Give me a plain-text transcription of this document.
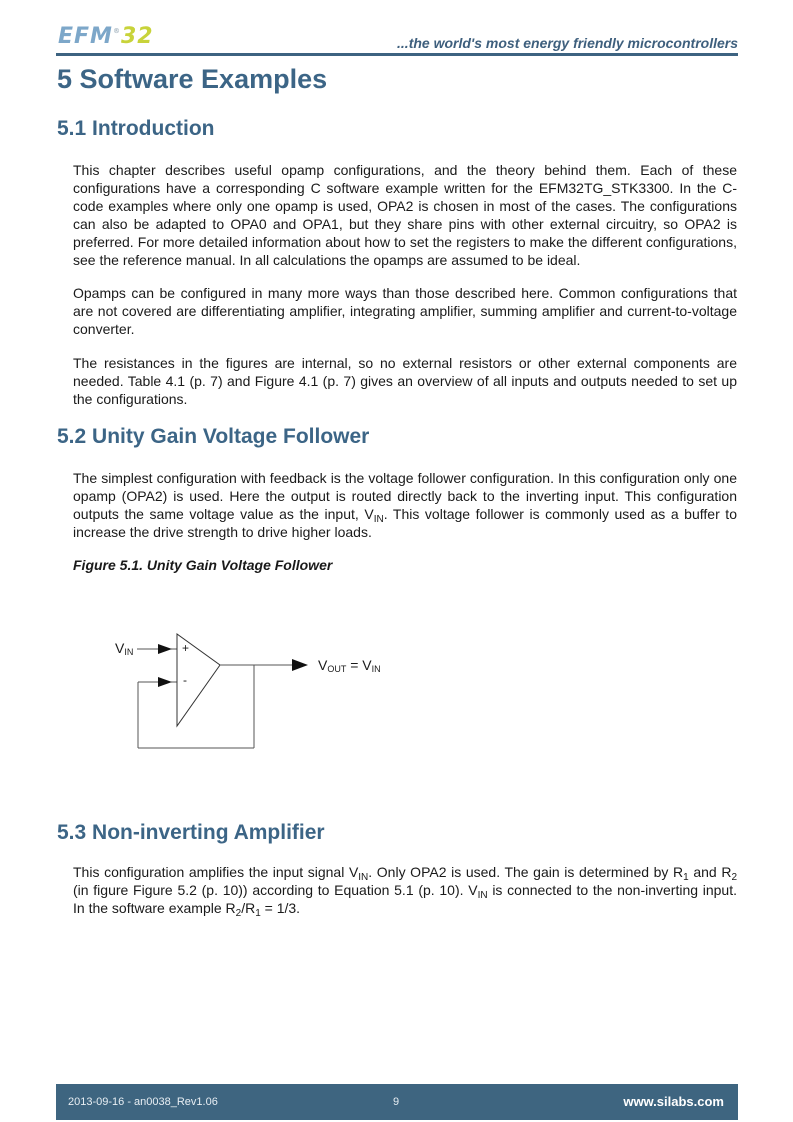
EFM®32	...the world's most energy friendly microcontrollers
5 Software Examples
5.1 Introduction

This chapter describes useful opamp configurations, and the theory behind them. Each of these configurations have a corresponding C software example written for the EFM32TG_STK3300. In the C-code examples where only one opamp is used, OPA2 is chosen in most of the cases. The configurations can also be adapted to OPA0 and OPA1, but they share pins with other external circuitry, so OPA2 is preferred. For more detailed information about how to set the registers to make the different configurations, see the reference manual. In all calculations the opamps are assumed to be ideal.

Opamps can be configured in many more ways than those described here. Common configurations that are not covered are differentiating amplifier, integrating amplifier, summing amplifier and current-to-voltage converter.

The resistances in the figures are internal, so no external resistors or other external components are needed. Table 4.1 (p. 7) and Figure 4.1 (p. 7) gives an overview of all inputs and outputs needed to set up the configurations.

5.2 Unity Gain Voltage Follower

The simplest configuration with feedback is the voltage follower configuration. In this configuration only one opamp (OPA2) is used. Here the output is routed directly back to the inverting input. This configuration outputs the same voltage value as the input, $V_{IN}$. This voltage follower is commonly used as a buffer to increase the drive strength to drive higher loads.

Figure 5.1. Unity Gain Voltage Follower

+
-
$V_{IN}$
$V_{OUT} = V_{IN}$
5.3 Non-inverting Amplifier

This configuration amplifies the input signal $V_{IN}$. Only OPA2 is used. The gain is determined by $R_1$ and $R_2$ (in figure Figure 5.2 (p. 10)) according to Equation 5.1 (p. 10). $V_{IN}$ is connected to the non-inverting input. In the software example $R_2/R_1 = 1/3$.

2013-09-16 - an0038_Rev1.06	9	www.silabs.com
